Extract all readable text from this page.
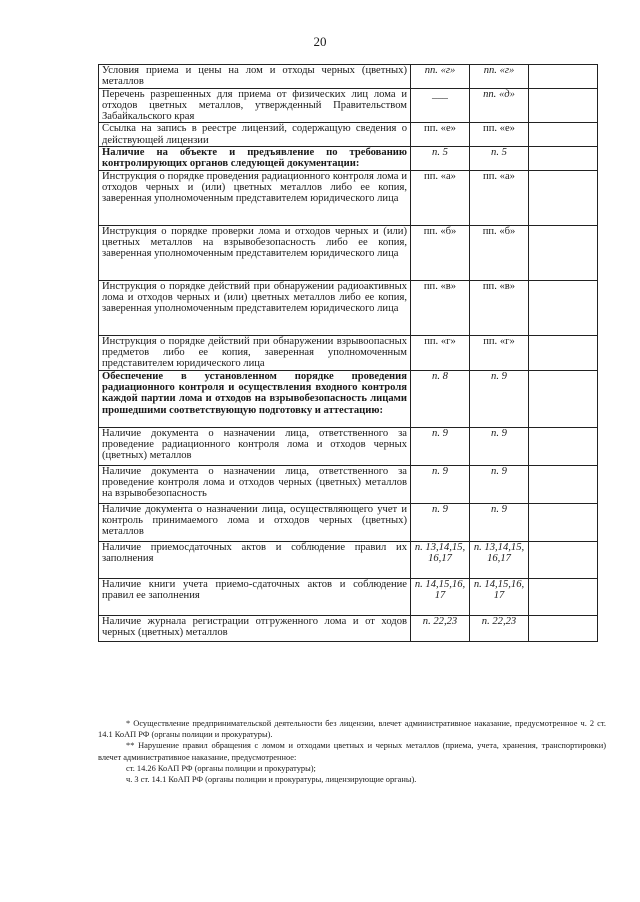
20
Условия приема и цены на лом и отходы черных (цветных) металлов	пп. «г»	пп. «г»	
Перечень разрешенных для приема от физических лиц лома и отходов цветных металлов, утвержденный Правительством Забайкальского края	___	пп. «д»	
Ссылка на запись в реестре лицензий, содержащую сведения о действующей лицензии	пп. «е»	пп. «е»	
Наличие на объекте и предъявление по требованию контролирующих органов следующей документации:	п. 5	п. 5	
Инструкция о порядке проведения радиационного контроля лома и отходов черных и (или) цветных металлов либо ее копия, заверенная уполномоченным представителем юридического лица	пп. «а»	пп. «а»	
Инструкция о порядке проверки лома и отходов черных и (или) цветных металлов на взрывобезопасность либо ее копия, заверенная уполномоченным представителем юридического лица	пп. «б»	пп. «б»	
Инструкция о порядке действий при обнаружении радиоактивных лома и отходов черных и (или) цветных металлов либо ее копия, заверенная уполномоченным представителем юридического лица	пп. «в»	пп. «в»	
Инструкция о порядке действий при обнаружении взрывоопасных предметов либо ее копия, заверенная уполномоченным представителем юридического лица	пп. «г»	пп. «г»	
Обеспечение в установленном порядке проведения радиационного контроля и осуществления входного контроля каждой партии лома и отходов на взрывобезопасность лицами прошедшими соответствующую подготовку и аттестацию:	п. 8	п. 9	
Наличие документа о назначении лица, ответственного за проведение радиационного контроля лома и отходов черных (цветных) металлов	п. 9	п. 9	
Наличие документа о назначении лица, ответственного за проведение контроля лома и отходов черных (цветных) металлов на взрывобезопасность	п. 9	п. 9	
Наличие документа о назначении лица, осуществляющего учет и контроль принимаемого лома и отходов черных (цветных) металлов	п. 9	п. 9	
Наличие приемосдаточных актов и соблюдение правил их заполнения	п. 13,14,15, 16,17	п. 13,14,15, 16,17	
Наличие книги учета приемо-сдаточных актов и соблюдение правил ее заполнения	п. 14,15,16, 17	п. 14,15,16, 17	
Наличие журнала регистрации отгруженного лома и от ходов черных (цветных) металлов	п. 22,23	п. 22,23	

* Осуществление предпринимательской деятельности без лицензии, влечет административное наказание, предусмотренное ч. 2 ст. 14.1 КоАП РФ (органы полиции и прокуратуры).

** Нарушение правил обращения с ломом и отходами цветных и черных металлов (приема, учета, хранения, транспортировки) влечет административное наказание, предусмотренное:

ст. 14.26 КоАП РФ (органы полиции и прокуратуры);

ч. 3 ст. 14.1 КоАП РФ (органы полиции и прокуратуры, лицензирующие органы).
